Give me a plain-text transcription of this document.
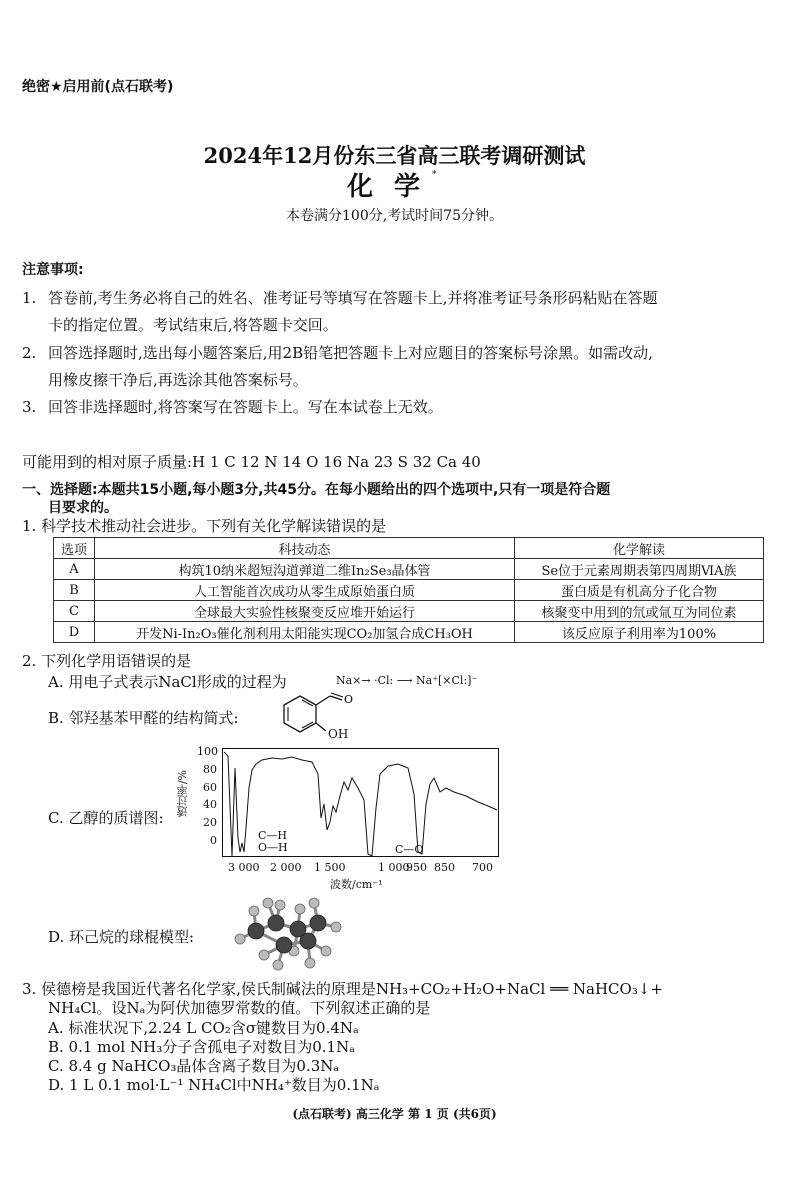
绝密★启用前(点石联考)
2024年12月份东三省高三联考调研测试
化 学 *
本卷满分100分,考试时间75分钟。
注意事项:
1. 答卷前,考生务必将自己的姓名、准考证号等填写在答题卡上,并将准考证号条形码粘贴在答题
卡的指定位置。考试结束后,将答题卡交回。
2. 回答选择题时,选出每小题答案后,用2B铅笔把答题卡上对应题目的答案标号涂黑。如需改动,
用橡皮擦干净后,再选涂其他答案标号。
3. 回答非选择题时,将答案写在答题卡上。写在本试卷上无效。
可能用到的相对原子质量:H 1 C 12 N 14 O 16 Na 23 S 32 Ca 40
一、选择题:本题共15小题,每小题3分,共45分。在每小题给出的四个选项中,只有一项是符合题
目要求的。
1. 科学技术推动社会进步。下列有关化学解读错误的是
选项	科技动态	化学解读
A	构筑10纳米超短沟道弹道二维In₂Se₃晶体管	Se位于元素周期表第四周期ⅥA族
B	人工智能首次成功从零生成原始蛋白质	蛋白质是有机高分子化合物
C	全球最大实验性核聚变反应堆开始运行	核聚变中用到的氘或氚互为同位素
D	开发Ni-In₂O₃催化剂利用太阳能实现CO₂加氢合成CH₃OH	该反应原子利用率为100%
2. 下列化学用语错误的是
A. 用电子式表示NaCl形成的过程为	Na×→ ·Cl: ⟶ Na⁺[×Cl:]⁻
B. 邻羟基苯甲醛的结构简式:
O
OH
C. 乙醇的质谱图:
100
80
60
40
20
0
透过率/%
C—H
O—H	C—O
3 000 2 000 1 500	1 000
950 850 700
波数/cm⁻¹
D. 环己烷的球棍模型:
3. 侯德榜是我国近代著名化学家,侯氏制碱法的原理是NH₃+CO₂+H₂O+NaCl ══ NaHCO₃↓+
NH₄Cl。设Nₐ为阿伏加德罗常数的值。下列叙述正确的是
A. 标准状况下,2.24 L CO₂含σ键数目为0.4Nₐ
B. 0.1 mol NH₃分子含孤电子对数目为0.1Nₐ
C. 8.4 g NaHCO₃晶体含离子数目为0.3Nₐ
D. 1 L 0.1 mol·L⁻¹ NH₄Cl中NH₄⁺数目为0.1Nₐ
(点石联考) 高三化学 第 1 页 (共6页)
